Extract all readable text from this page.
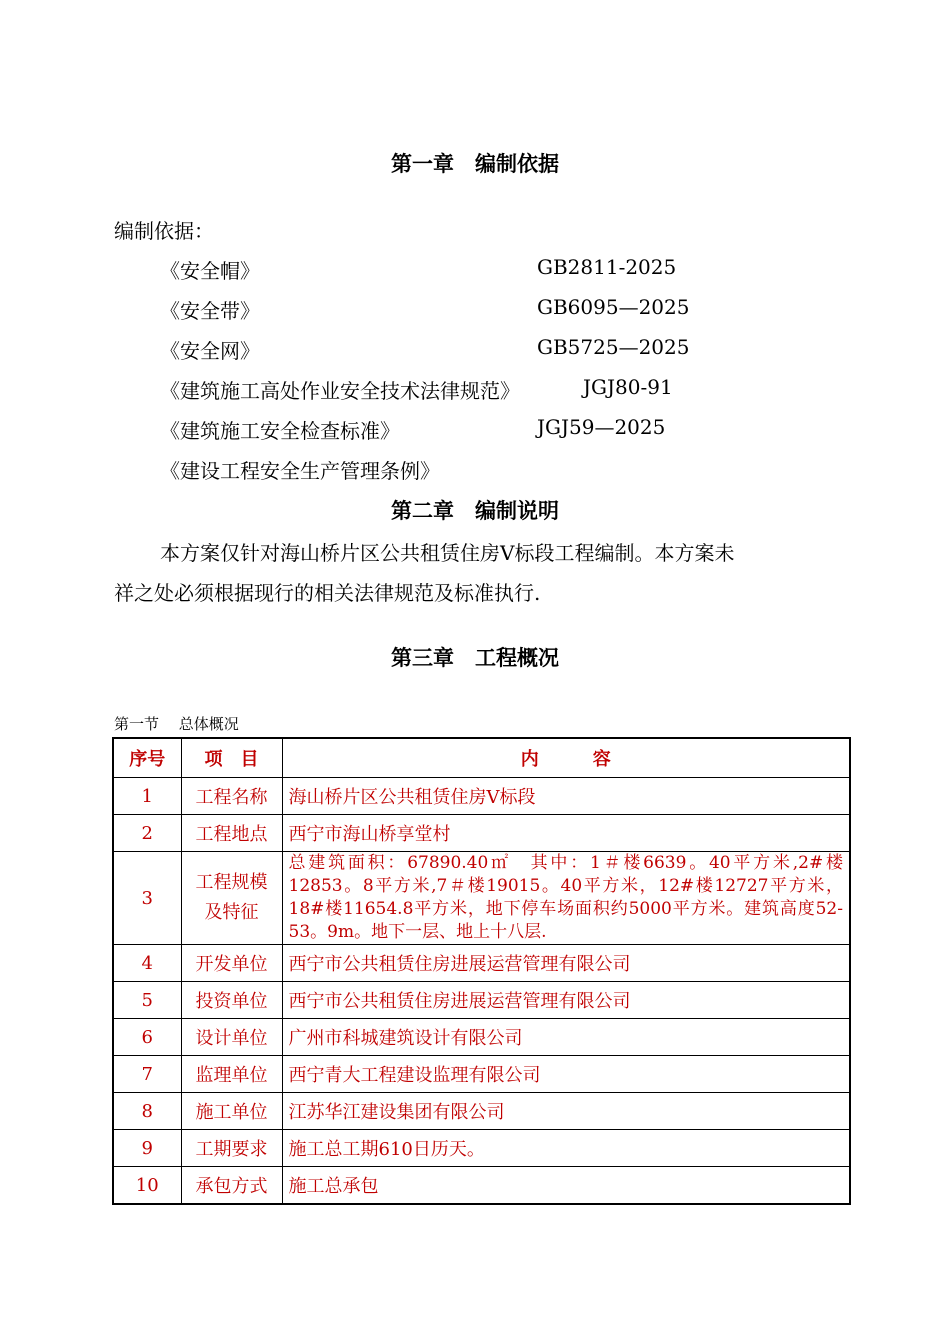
第一章　编制依据
编制依据：
《安全帽》	GB2811-2025
《安全带》	GB6095—2025
《安全网》	GB5725—2025
《建筑施工高处作业安全技术法律规范》	JGJ80-91
《建筑施工安全检查标准》	JGJ59—2025
《建设工程安全生产管理条例》
第二章　编制说明
本方案仅针对海山桥片区公共租赁住房Ⅴ标段工程编制。本方案未
祥之处必须根据现行的相关法律规范及标准执行.
第三章　工程概况
第一节　 总体概况
序号	项　目	内　　　容
1	工程名称	海山桥片区公共租赁住房Ⅴ标段
2	工程地点	西宁市海山桥享堂村
3	工程规模及特征	总建筑面积：67890.40㎡　其中：1＃楼6639。40平方米,2#楼12853。8平方米,7＃楼19015。40平方米，12#楼12727平方米，18#楼11654.8平方米，地下停车场面积约5000平方米。建筑高度52-53。9m。地下一层、地上十八层.

4	开发单位	西宁市公共租赁住房进展运营管理有限公司
5	投资单位	西宁市公共租赁住房进展运营管理有限公司
6	设计单位	广州市科城建筑设计有限公司
7	监理单位	西宁青大工程建设监理有限公司
8	施工单位	江苏华江建设集团有限公司
9	工期要求	施工总工期610日历天。
10	承包方式	施工总承包
